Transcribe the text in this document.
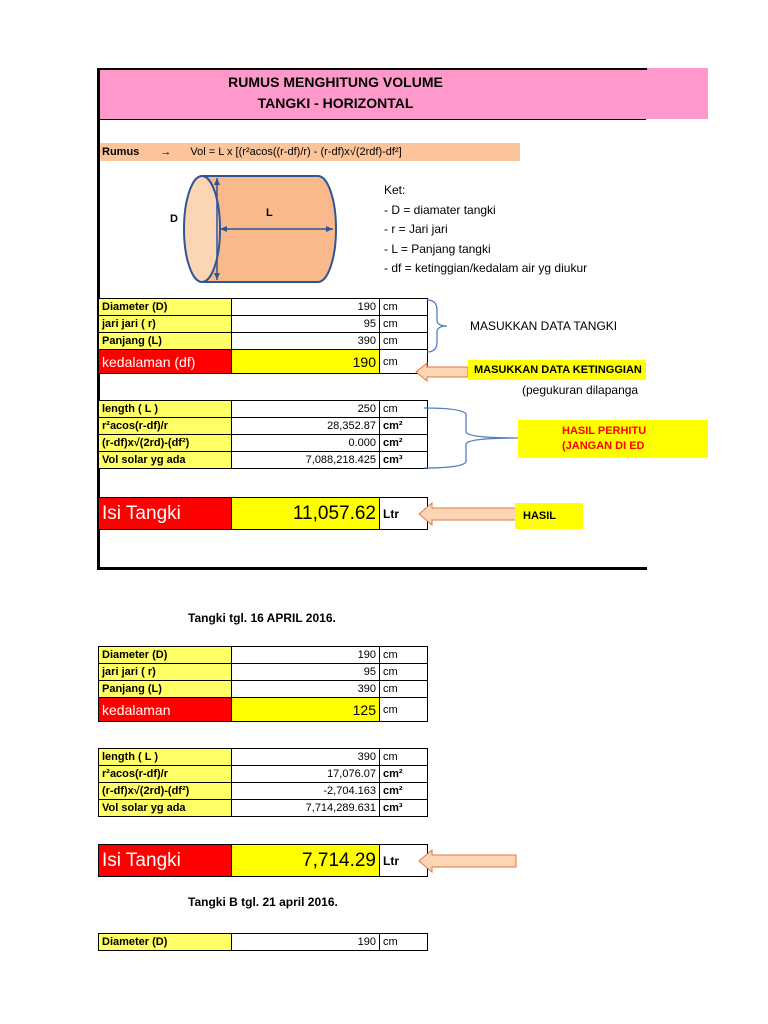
RUMUS MENGHITUNG VOLUME
TANGKI - HORIZONTAL
Rumus → Vol = L x [(r²acos((r-df)/r) - (r-df)x√(2rdf)-df²]
D	L
Ket:
- D = diamater tangki
- r = Jari jari
- L = Panjang tangki
- df = ketinggian/kedalam air yg diukur
Diameter (D)	190	cm
jari jari ( r)	95	cm
Panjang (L)	390	cm
kedalaman (df)	190	cm
MASUKKAN DATA TANGKI
MASUKKAN DATA KETINGGIAN
(pegukuran dilapanga
length ( L )	250	cm
r²acos(r-df)/r	28,352.87	cm²
(r-df)x√(2rd)-(df²)	0.000	cm²
Vol solar yg ada	7,088,218.425	cm³
HASIL PERHITU
(JANGAN DI ED
Isi Tangki	11,057.62	Ltr	HASIL
Tangki tgl. 16 APRIL 2016.
Diameter (D)	190	cm
jari jari ( r)	95	cm
Panjang (L)	390	cm
kedalaman	125	cm
length ( L )	390	cm
r²acos(r-df)/r	17,076.07	cm²
(r-df)x√(2rd)-(df²)	-2,704.163	cm²
Vol solar yg ada	7,714,289.631	cm³
Isi Tangki	7,714.29	Ltr
Tangki B tgl. 21 april 2016.
Diameter (D)	190	cm
